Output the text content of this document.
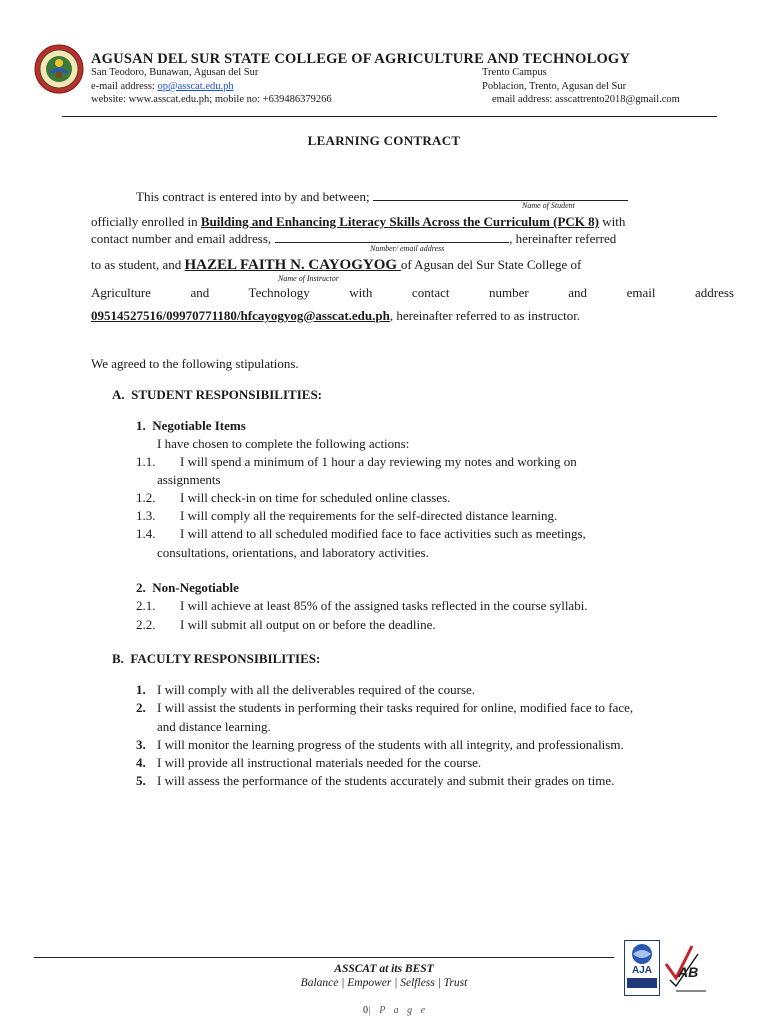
AGUSAN DEL SUR STATE COLLEGE OF AGRICULTURE AND TECHNOLOGY
San Teodoro, Bunawan, Agusan del Sur
e-mail address: op@asscat.edu.ph
website: www.asscat.edu.ph; mobile no: +639486379266
Trento Campus
Poblacion, Trento, Agusan del Sur
email address: asscattrento2018@gmail.com
LEARNING CONTRACT
This contract is entered into by and between;
Name of Student
officially enrolled in Building and Enhancing Literacy Skills Across the Curriculum (PCK 8) with
contact number and email address,	, hereinafter referred
Number/ email address
to as student, and HAZEL FAITH N. CAYOGYOG of Agusan del Sur State College of
Name of Instructor
Agriculture and Technology with contact number and email address
09514527516/09970771180/hfcayogyog@asscat.edu.ph, hereinafter referred to as instructor.
We agreed to the following stipulations.
A. STUDENT RESPONSIBILITIES:
1. Negotiable Items
I have chosen to complete the following actions:
1.1. I will spend a minimum of 1 hour a day reviewing my notes and working on
assignments
1.2. I will check-in on time for scheduled online classes.
1.3. I will comply all the requirements for the self-directed distance learning.
1.4. I will attend to all scheduled modified face to face activities such as meetings,
consultations, orientations, and laboratory activities.
2. Non-Negotiable
2.1. I will achieve at least 85% of the assigned tasks reflected in the course syllabi.
2.2. I will submit all output on or before the deadline.
B. FACULTY RESPONSIBILITIES:
1. I will comply with all the deliverables required of the course.
2. I will assist the students in performing their tasks required for online, modified face to face,
and distance learning.
3. I will monitor the learning progress of the students with all integrity, and professionalism.
4. I will provide all instructional materials needed for the course.
5. I will assess the performance of the students accurately and submit their grades on time.
ASSCAT at its BEST
Balance | Empower | Selfless | Trust
0| P a g e
AJA	AB
